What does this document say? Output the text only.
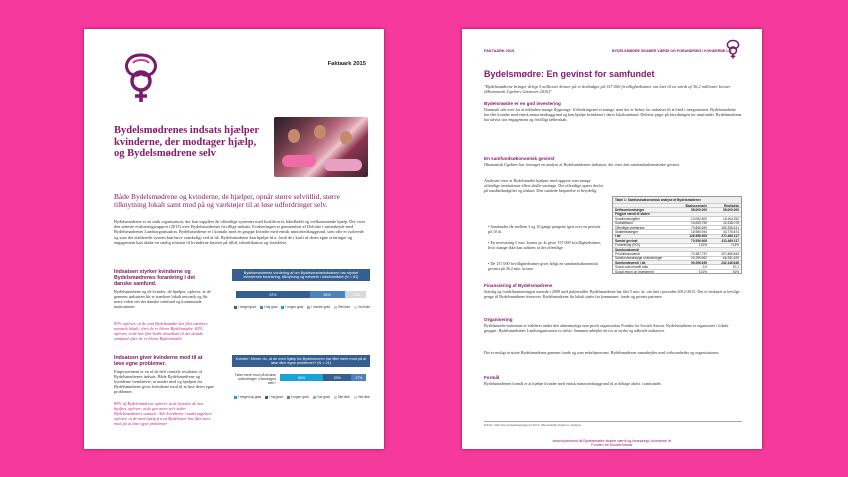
Faktaark 2015
Bydelsmødrenes indsats hjælper kvinderne, der modtager hjælp, og Bydelsmødrene selv
Både Bydelsmødrene og kvinderne, de hjælper, opnår større selvtillid, større tilknytning lokalt samt mod på og værktøjer til at løse udfordringer selv.
Bydelsmødrene er en unik organisation, der kan supplere de offentlige systemer med kvalificeret, håndholdt og vedkommende hjælp. Det viser den seneste evalueringsrapport (2015) over Bydelsmødrenes frivillige indsats. Evalueringen er gennemført af Deloitte i samarbejde med Bydelsmødrenes Landsorganisation. Bydelsmødrene er i kontakt med en gruppe kvinder med etnisk minoritetsbaggrund, som ofte er isolerede og som det etablerede system kan have vanskeligt ved at nå. Bydelsmødrene kan hjælpe bl.a. fordi de i kraft af deres egne erfaringer og engagement kan skabe en særlig relation til kvinderne baseret på tillid, identifikation og forståelse.
Indsatsen styrker kvinderne og Bydelsmødrenes forankring i det danske samfund.
Bydelsmødrene og de kvinder, de hjælper, oplever, at de gennem indsatsen får et stærkere lokalt netværk og får mere viden om det danske samfund og kommunale institutioner.
83% oplever, at de som Bydelsmødre har fået stærkere netværk lokalt, efter de er blevet Bydelsmødre. 82% oplever, at de har fået bedre kendskab til det danske samfund efter de er blevet Bydelsmødre.
Bydelsmødrenes vurdering af om Bydelsmødreindsatsen har styrket kvindernes forankring, tilknytning og netværk i lokalområdet (N = 81)
57%	26%	15%
I meget grad	I høj grad	I nogen grad	I mindre grad	Slet ikke	Ved ikke
Indsatsen giver kvinderne mod til at løse egne problemer.
Empowerment er en af de helt centrale resultater af Bydelsmødrenes indsats. Både Bydelsmødrene og kvinderne fremhæver, at mødet med og hjælpen fra Bydelsmødrene giver kvinderne mod til at løse deres egne problemer.
89% af Bydelsmødrene oplever at de kvinder de har hjulpet, oplever, at de gør mere selv siden Bydelsmødrenes samtale. Alle kvinderne i undersøgelsen oplever, at de med hjælp fra en Bydelsmor har fået mere mod på at løse egne problemer
Kvinder: Mener du, at du med hjælp fra Bydelsmoren har fået mere mod på at løse dine egne problemer? (N = 21)
Føler mere mod på at løse udfordringer i hverdagen selv?
50%	33%	17%
I meget høj grad	I høj grad	I nogen grad	I lav grad	Slet ikke	Ved ikke
FAKTAARK 2015	BYDELSMØDRE SKABER VÆRDI OG FORANDRING I KVINDERNE LIV
Bydelsmødre: En gevinst for samfundet
"Bydelsmødrene bringer årligt 5 millioner kroner på et årsbudget på 157.000 frivillighedstimer om året til en værdi af 36,2 millioner kroner (Økonomisk Ugebrev Gæsteart 2016)"
Bydelsmødre er en god investering
Danmark står over for at inkludere mange flygtninge. Udfordringerne er mange, men der er behov for indsatser til at bistå i integrationen. Bydelsmødrene har fået kvinder med etnisk minoritetsbaggrund og kan hjælpe kvinderne i deres lokalsamfund. Deloitte peger på betydningen for samfundet. Bydelsmødrene har udvist stor engagement og frivilligt fællesskab.
En samfundsøkonomisk gevinst
Økonomisk Ugebrev har foretaget en analyse af Bydelsmødrenes indsatser, der viser den samfundsøkonomiske gevinst.
Analysen viser at Bydelsmødre hjælper med opgaver som mange offentlige institutioner ellers skulle varetage. Det offentlige sparer derfor på sundhedsudgifter og tilskud. Den samlede besparelse er betydelig.
• Samfundet får mellem 3 og 10 gange pengene igen over en periode på 10 år.
• En investering 5 mio. kroner pr. år giver 157.000 frivillighedstimer, hvor mange ikke kan udføres af det offentlige.
• De 157.000 frivillighedstimer giver årligt en samfundsøkonomisk gevinst på 36,2 mio. kroner.
Tabel 1: Samfundsøkonomisk analyse af Bydelsmødrene
Basisscenarie	Realistisk
Driftsomkostninger	58.000.000	58.000.000
Frigjort værdi til staten
Sundhedsudgifter	13.052.800	18.164.252
Socialtilskud	16.655.796	40.338.078
Offentlige overførsler	79.866.699	189.358.431
Skattebetalinger	18.980.944	43.776.674
I alt	128.556.909	471.469.117
Samlet gevinst	70.556.909	413.469.117
Forrentning (ROI)	122%	713%
Samfundsværdi
Produktionsværdi	70.387.737	207.865.643
Samfundsmæssige omkostninger	20.296.962	66.281.625
Samfundsværdi i alt	90.296.639	242.146.646
Social cost-benefit ratio	2,0	10,1
Social return on investment	101%	91%
Finansiering af Bydelsmødrene
Statslig og fondsfinansieringen startede i 2008 med puljemidler. Bydelsmødrene har fået 5 mio. kr. om året i perioden 2012-2015. Det er besluttet at bevilge penge til Bydelsmødrene fremover. Bydelsmødrene får lokalt støtte fra kommuner, fonde og private partnere.
Organisering
Bydelsmødre-indsatsen er etableret under den almennyttige non-profit organisation Fonden for Socialt Ansvar. Bydelsmødrene er organiseret i lokale grupper. Bydelsmødrenes Landsorganisation er stiftet. Sammen arbejder de for at styrke og udbrede indsatsen.
Det er muligt at støtte Bydelsmødrene gennem fonde og som enkeltpersoner. Bydelsmødrene samarbejder med virksomheder og organisationer.
Formål
Bydelsmødrenes formål er at hjælpe kvinder med etnisk minoritetsbaggrund til at deltage aktivt i samfundet.
Kilder: Deloitte evalueringsrapport 2015; Økonomisk Ugebrev analyse.
www.bydelsmor.dk Bydelsmødre skaber værdi og forandring i kvinderne liv
Fonden for Socialt Ansvar
